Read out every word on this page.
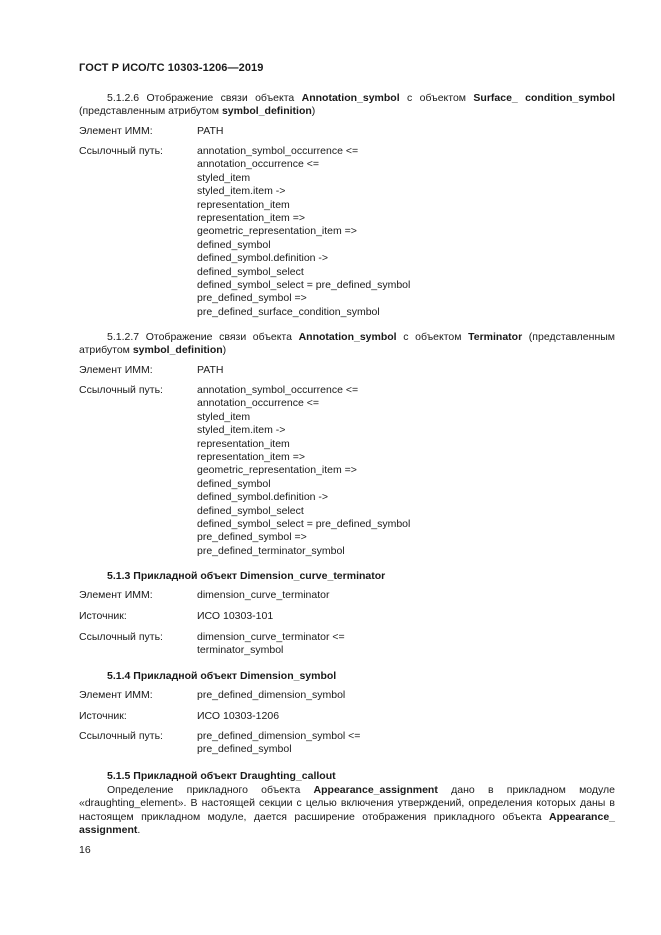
ГОСТ Р ИСО/ТС 10303-1206—2019
5.1.2.6 Отображение связи объекта Annotation_symbol с объектом Surface_ condition_symbol (представленным атрибутом symbol_definition)
Элемент ИММ:	PATH
Ссылочный путь:	annotation_symbol_occurrence <=
annotation_occurrence <=
styled_item
styled_item.item ->
representation_item
representation_item =>
geometric_representation_item =>
defined_symbol
defined_symbol.definition ->
defined_symbol_select
defined_symbol_select = pre_defined_symbol
pre_defined_symbol =>
pre_defined_surface_condition_symbol
5.1.2.7 Отображение связи объекта Annotation_symbol с объектом Terminator (представленным атрибутом symbol_definition)
Элемент ИММ:	PATH
Ссылочный путь:	annotation_symbol_occurrence <=
annotation_occurrence <=
styled_item
styled_item.item ->
representation_item
representation_item =>
geometric_representation_item =>
defined_symbol
defined_symbol.definition ->
defined_symbol_select
defined_symbol_select = pre_defined_symbol
pre_defined_symbol =>
pre_defined_terminator_symbol
5.1.3 Прикладной объект Dimension_curve_terminator
Элемент ИММ:	dimension_curve_terminator
Источник:	ИСО 10303-101
Ссылочный путь:	dimension_curve_terminator <=
terminator_symbol
5.1.4 Прикладной объект Dimension_symbol
Элемент ИММ:	pre_defined_dimension_symbol
Источник:	ИСО 10303-1206
Ссылочный путь:	pre_defined_dimension_symbol <=
pre_defined_symbol
5.1.5 Прикладной объект Draughting_callout
Определение прикладного объекта Appearance_assignment дано в прикладном модуле «draughting_element». В настоящей секции с целью включения утверждений, определения которых даны в настоящем прикладном модуле, дается расширение отображения прикладного объекта Appearance_ assignment.
16
